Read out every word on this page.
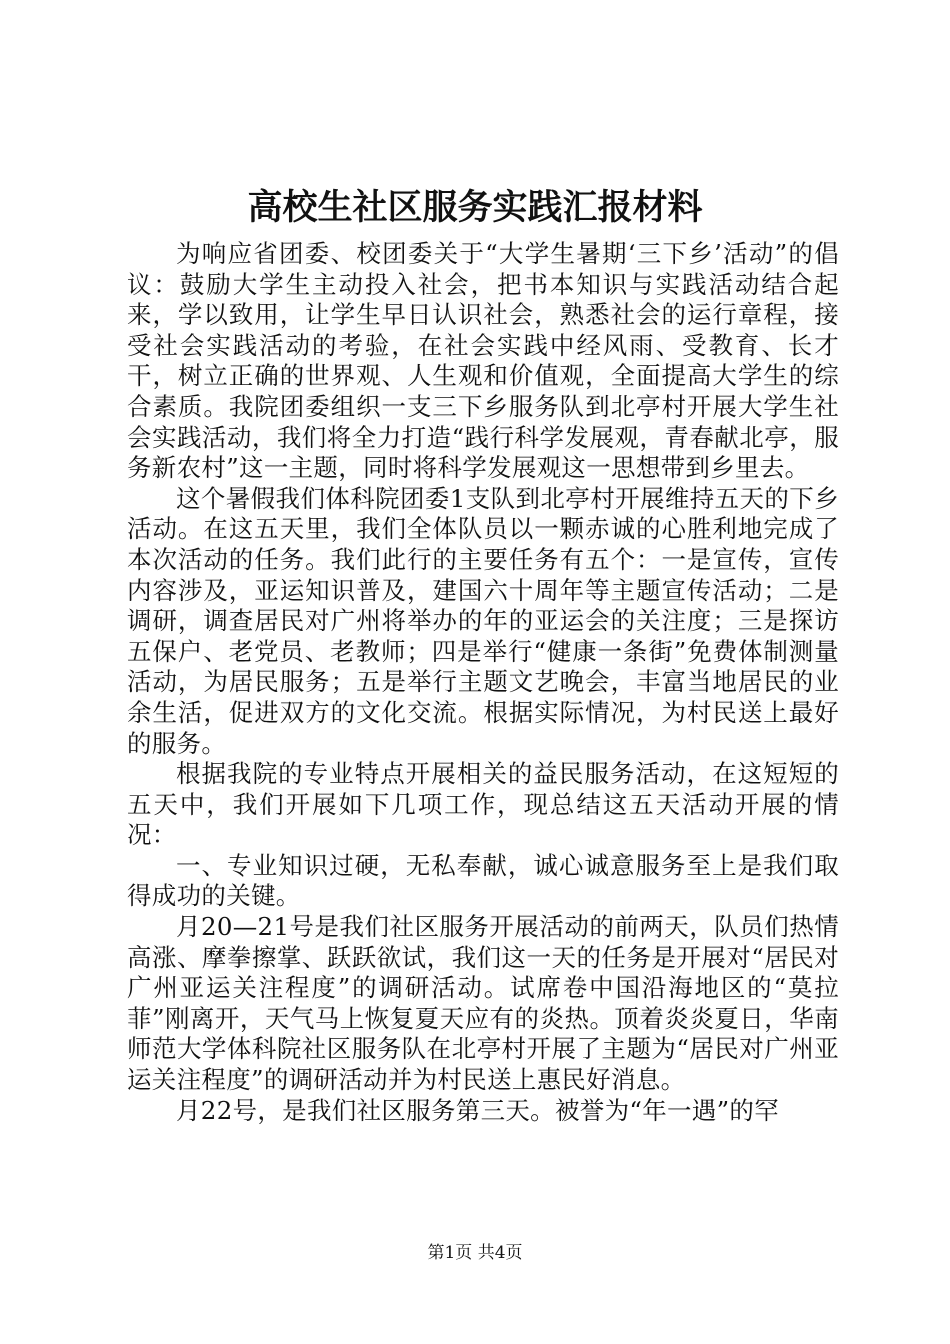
高校生社区服务实践汇报材料

为响应省团委、校团委关于“大学生暑期‘三下乡’活动”的倡议：鼓励大学生主动投入社会，把书本知识与实践活动结合起来，学以致用，让学生早日认识社会，熟悉社会的运行章程，接受社会实践活动的考验，在社会实践中经风雨、受教育、长才干，树立正确的世界观、人生观和价值观，全面提高大学生的综合素质。我院团委组织一支三下乡服务队到北亭村开展大学生社会实践活动，我们将全力打造“践行科学发展观，青春献北亭，服务新农村”这一主题，同时将科学发展观这一思想带到乡里去。

这个暑假我们体科院团委1支队到北亭村开展维持五天的下乡活动。在这五天里，我们全体队员以一颗赤诚的心胜利地完成了本次活动的任务。我们此行的主要任务有五个：一是宣传，宣传内容涉及，亚运知识普及，建国六十周年等主题宣传活动；二是调研，调查居民对广州将举办的年的亚运会的关注度；三是探访五保户、老党员、老教师；四是举行“健康一条街”免费体制测量活动，为居民服务；五是举行主题文艺晚会，丰富当地居民的业余生活，促进双方的文化交流。根据实际情况，为村民送上最好的服务。

根据我院的专业特点开展相关的益民服务活动，在这短短的五天中，我们开展如下几项工作，现总结这五天活动开展的情况：

一、专业知识过硬，无私奉献，诚心诚意服务至上是我们取得成功的关键。

月20—21号是我们社区服务开展活动的前两天，队员们热情高涨、摩拳擦掌、跃跃欲试，我们这一天的任务是开展对“居民对广州亚运关注程度”的调研活动。试席卷中国沿海地区的“莫拉菲”刚离开，天气马上恢复夏天应有的炎热。顶着炎炎夏日，华南师范大学体科院社区服务队在北亭村开展了主题为“居民对广州亚运关注程度”的调研活动并为村民送上惠民好消息。

月22号，是我们社区服务第三天。被誉为“年一遇”的罕

第1页 共4页
